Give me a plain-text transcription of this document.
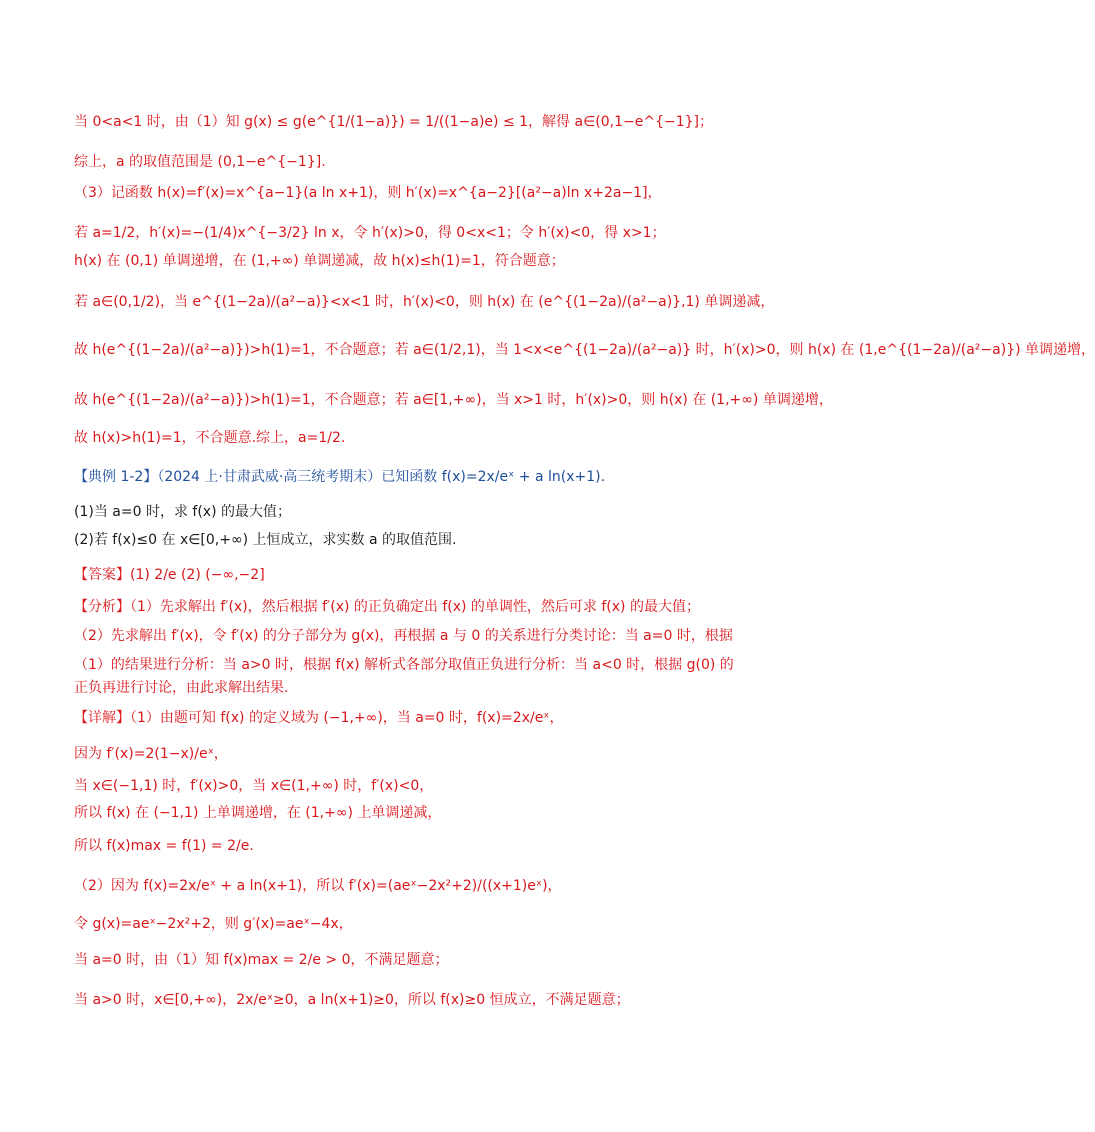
当 0<a<1 时，由（1）知 g(x) ≤ g(e^{1/(1−a)}) = 1/((1−a)e) ≤ 1，解得 a∈(0,1−e^{−1}]；
综上，a 的取值范围是 (0,1−e^{−1}].
（3）记函数 h(x)=f′(x)=x^{a−1}(a ln x+1)，则 h′(x)=x^{a−2}[(a²−a)ln x+2a−1]，
若 a=1/2，h′(x)=−(1/4)x^{−3/2} ln x，令 h′(x)>0，得 0<x<1；令 h′(x)<0，得 x>1；
h(x) 在 (0,1) 单调递增，在 (1,+∞) 单调递减，故 h(x)≤h(1)=1，符合题意；
若 a∈(0,1/2)，当 e^{(1−2a)/(a²−a)}<x<1 时，h′(x)<0，则 h(x) 在 (e^{(1−2a)/(a²−a)},1) 单调递减，
故 h(e^{(1−2a)/(a²−a)})>h(1)=1，不合题意；若 a∈(1/2,1)，当 1<x<e^{(1−2a)/(a²−a)} 时，h′(x)>0，则 h(x) 在 (1,e^{(1−2a)/(a²−a)}) 单调递增，
故 h(e^{(1−2a)/(a²−a)})>h(1)=1，不合题意；若 a∈[1,+∞)，当 x>1 时，h′(x)>0，则 h(x) 在 (1,+∞) 单调递增，
故 h(x)>h(1)=1，不合题意.综上，a=1/2.
【典例 1-2】（2024 上·甘肃武威·高三统考期末）已知函数 f(x)=2x/eˣ + a ln(x+1).
(1)当 a=0 时，求 f(x) 的最大值；
(2)若 f(x)≤0 在 x∈[0,+∞) 上恒成立，求实数 a 的取值范围.
【答案】(1) 2/e (2) (−∞,−2]
【分析】（1）先求解出 f′(x)，然后根据 f′(x) 的正负确定出 f(x) 的单调性，然后可求 f(x) 的最大值；
（2）先求解出 f′(x)，令 f′(x) 的分子部分为 g(x)，再根据 a 与 0 的关系进行分类讨论：当 a=0 时，根据
（1）的结果进行分析：当 a>0 时，根据 f(x) 解析式各部分取值正负进行分析：当 a<0 时，根据 g(0) 的
正负再进行讨论，由此求解出结果.
【详解】（1）由题可知 f(x) 的定义域为 (−1,+∞)，当 a=0 时，f(x)=2x/eˣ，
因为 f′(x)=2(1−x)/eˣ，
当 x∈(−1,1) 时，f′(x)>0，当 x∈(1,+∞) 时，f′(x)<0，
所以 f(x) 在 (−1,1) 上单调递增，在 (1,+∞) 上单调递减，
所以 f(x)max = f(1) = 2/e.
（2）因为 f(x)=2x/eˣ + a ln(x+1)，所以 f′(x)=(aeˣ−2x²+2)/((x+1)eˣ)，
令 g(x)=aeˣ−2x²+2，则 g′(x)=aeˣ−4x，
当 a=0 时，由（1）知 f(x)max = 2/e > 0，不满足题意；
当 a>0 时，x∈[0,+∞)，2x/eˣ≥0，a ln(x+1)≥0，所以 f(x)≥0 恒成立，不满足题意；
